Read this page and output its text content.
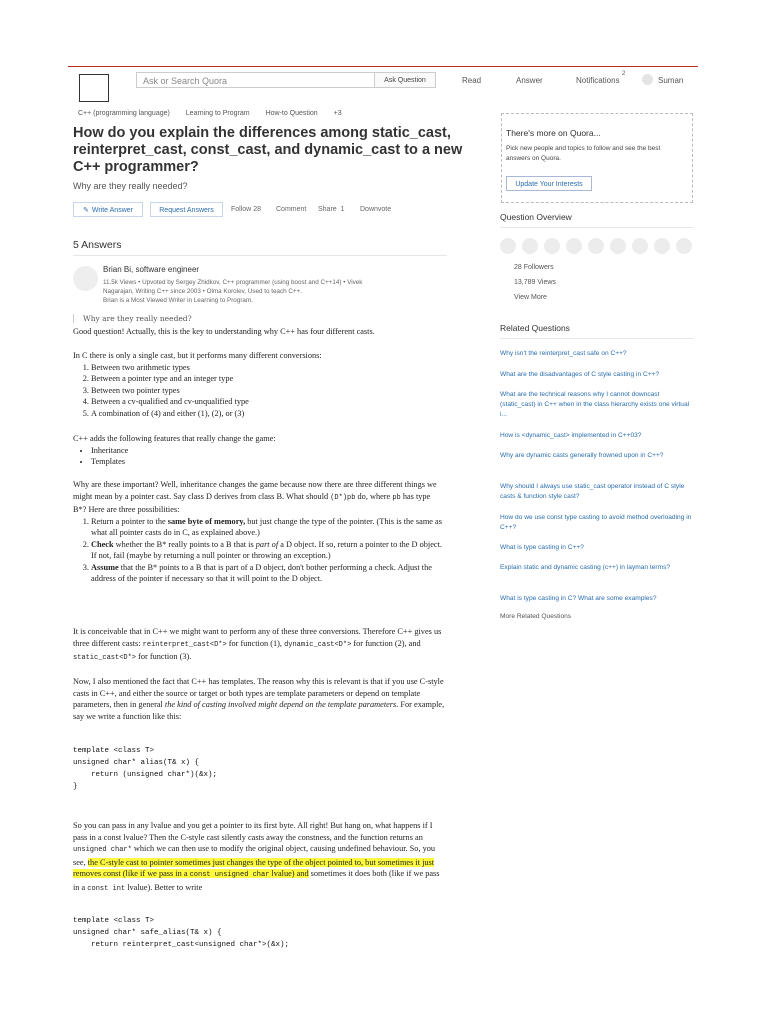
Ask or Search Quora	Ask Question	Read	Answer	Notifications
2
Suman
C++ (programming language) Learning to Program How-to Question +3
How do you explain the differences among static_cast, reinterpret_cast, const_cast, and dynamic_cast to a new C++ programmer?
Why are they really needed?
✎ Write Answer	Request Answers	Follow 28 Comment Share 1 Downvote
5 Answers
Brian Bi, software engineer
11.5k Views • Upvoted by Sergey Zhidkov, C++ programmer (using boost and C++14) • Vivek
Nagarajan, Writing C++ since 2003 • Olma Korolev, Used to teach C++.
Brian is a Most Viewed Writer in Learning to Program.
Why are they really needed?
Good question! Actually, this is the key to understanding why C++ has four different casts.
In C there is only a single cast, but it performs many different conversions:
1. Between two arithmetic types
2. Between a pointer type and an integer type
3. Between two pointer types
4. Between a cv-qualified and cv-unqualified type
5. A combination of (4) and either (1), (2), or (3)
C++ adds the following features that really change the game:
• Inheritance
• Templates
Why are these important? Well, inheritance changes the game because now there are three different things we might mean by a pointer cast. Say class D derives from class B. What should (D*)pb do, where pb has type B*? Here are three possibilities:
1. Return a pointer to the same byte of memory, but just change the type of the pointer. (This is the same as what all pointer casts do in C, as explained above.)
2. Check whether the B* really points to a B that is part of a D object. If so, return a pointer to the D object. If not, fail (maybe by returning a null pointer or throwing an exception.)
3. Assume that the B* points to a B that is part of a D object, don't bother performing a check. Adjust the address of the pointer if necessary so that it will point to the D object.
It is conceivable that in C++ we might want to perform any of these three conversions. Therefore C++ gives us three different casts: reinterpret_cast<D*> for function (1), dynamic_cast<D*> for function (2), and static_cast<D*> for function (3).
Now, I also mentioned the fact that C++ has templates. The reason why this is relevant is that if you use C-style casts in C++, and either the source or target or both types are template parameters or depend on template parameters, then in general the kind of casting involved might depend on the template parameters. For example, say we write a function like this:
template <class T>
unsigned char* alias(T& x) {
return (unsigned char*)(&x);
}
So you can pass in any lvalue and you get a pointer to its first byte. All right! But hang on, what happens if I pass in a const lvalue? Then the C-style cast silently casts away the constness, and the function returns an unsigned char* which we can then use to modify the original object, causing undefined behaviour. So, you see, the C-style cast to pointer sometimes just changes the type of the object pointed to, but sometimes it just removes const (like if we pass in a const unsigned char lvalue) and sometimes it does both (like if we pass in a const int lvalue). Better to write
template <class T>
unsigned char* safe_alias(T& x) {
return reinterpret_cast<unsigned char*>(&x);
There's more on Quora...
Pick new people and topics to follow and see the best answers on Quora.
Update Your Interests
Question Overview
28 Followers
13,789 Views
View More
Related Questions
Why isn't the reinterpret_cast safe on C++?
What are the disadvantages of C style casting in C++?
What are the technical reasons why I cannot downcast (static_cast) in C++ when in the class hierarchy exists one virtual i...
How is <dynamic_cast> implemented in C++03?
Why are dynamic casts generally frowned upon in C++?
Why should I always use static_cast operator instead of C style casts & function style cast?
How do we use const type casting to avoid method overloading in C++?
What is type casting in C++?
Explain static and dynamic casting (c++) in layman terms?
What is type casting in C? What are some examples?
More Related Questions
